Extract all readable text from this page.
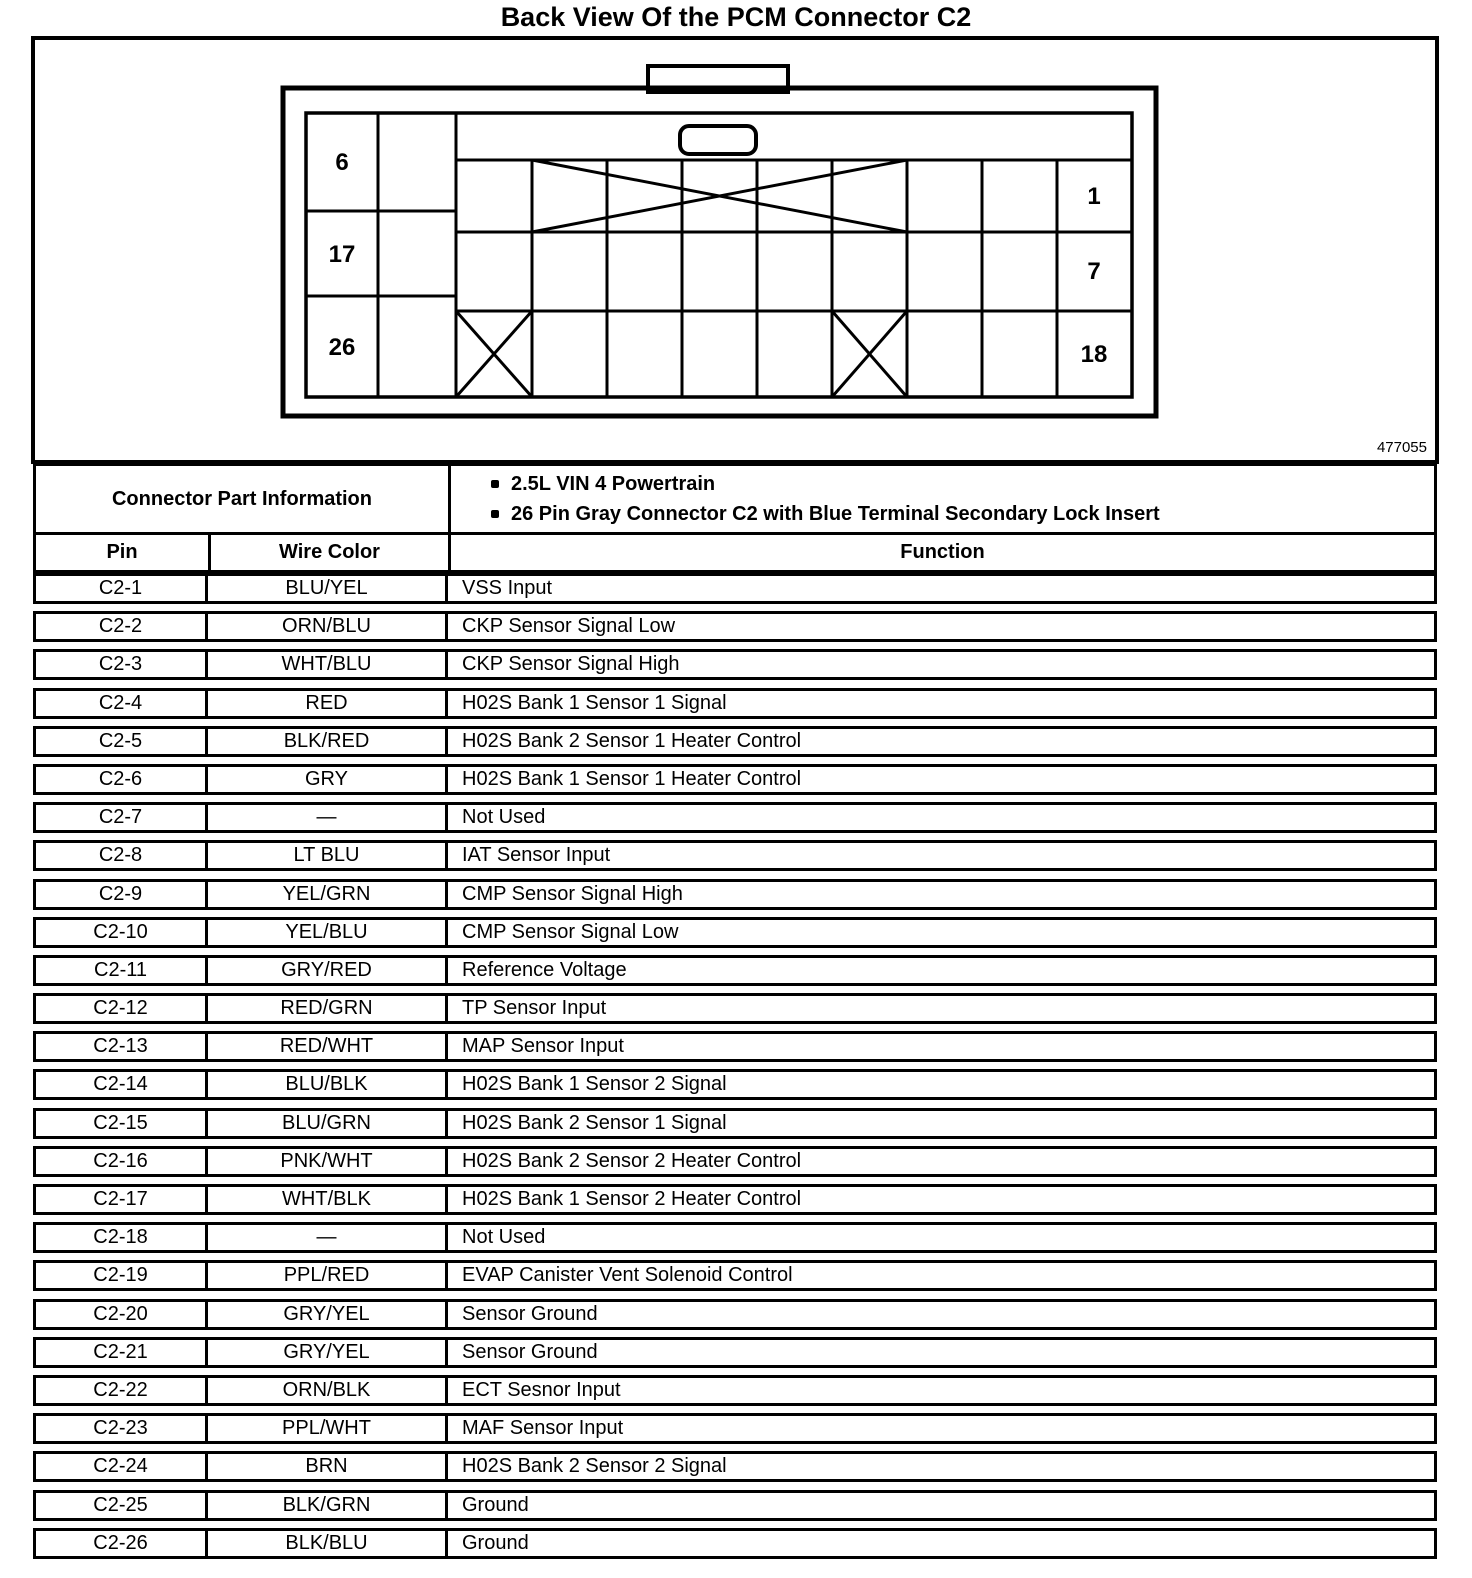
Back View Of the PCM Connector C2
6
17
26
1
7
18
477055
Connector Part Information
2.5L VIN 4 Powertrain
26 Pin Gray Connector C2 with Blue Terminal Secondary Lock Insert
Pin	Wire Color	Function
C2-1	BLU/YEL	VSS Input
C2-2	ORN/BLU	CKP Sensor Signal Low
C2-3	WHT/BLU	CKP Sensor Signal High
C2-4	RED	H02S Bank 1 Sensor 1 Signal
C2-5	BLK/RED	H02S Bank 2 Sensor 1 Heater Control
C2-6	GRY	H02S Bank 1 Sensor 1 Heater Control
C2-7	—	Not Used
C2-8	LT BLU	IAT Sensor Input
C2-9	YEL/GRN	CMP Sensor Signal High
C2-10	YEL/BLU	CMP Sensor Signal Low
C2-11	GRY/RED	Reference Voltage
C2-12	RED/GRN	TP Sensor Input
C2-13	RED/WHT	MAP Sensor Input
C2-14	BLU/BLK	H02S Bank 1 Sensor 2 Signal
C2-15	BLU/GRN	H02S Bank 2 Sensor 1 Signal
C2-16	PNK/WHT	H02S Bank 2 Sensor 2 Heater Control
C2-17	WHT/BLK	H02S Bank 1 Sensor 2 Heater Control
C2-18	—	Not Used
C2-19	PPL/RED	EVAP Canister Vent Solenoid Control
C2-20	GRY/YEL	Sensor Ground
C2-21	GRY/YEL	Sensor Ground
C2-22	ORN/BLK	ECT Sesnor Input
C2-23	PPL/WHT	MAF Sensor Input
C2-24	BRN	H02S Bank 2 Sensor 2 Signal
C2-25	BLK/GRN	Ground
C2-26	BLK/BLU	Ground
